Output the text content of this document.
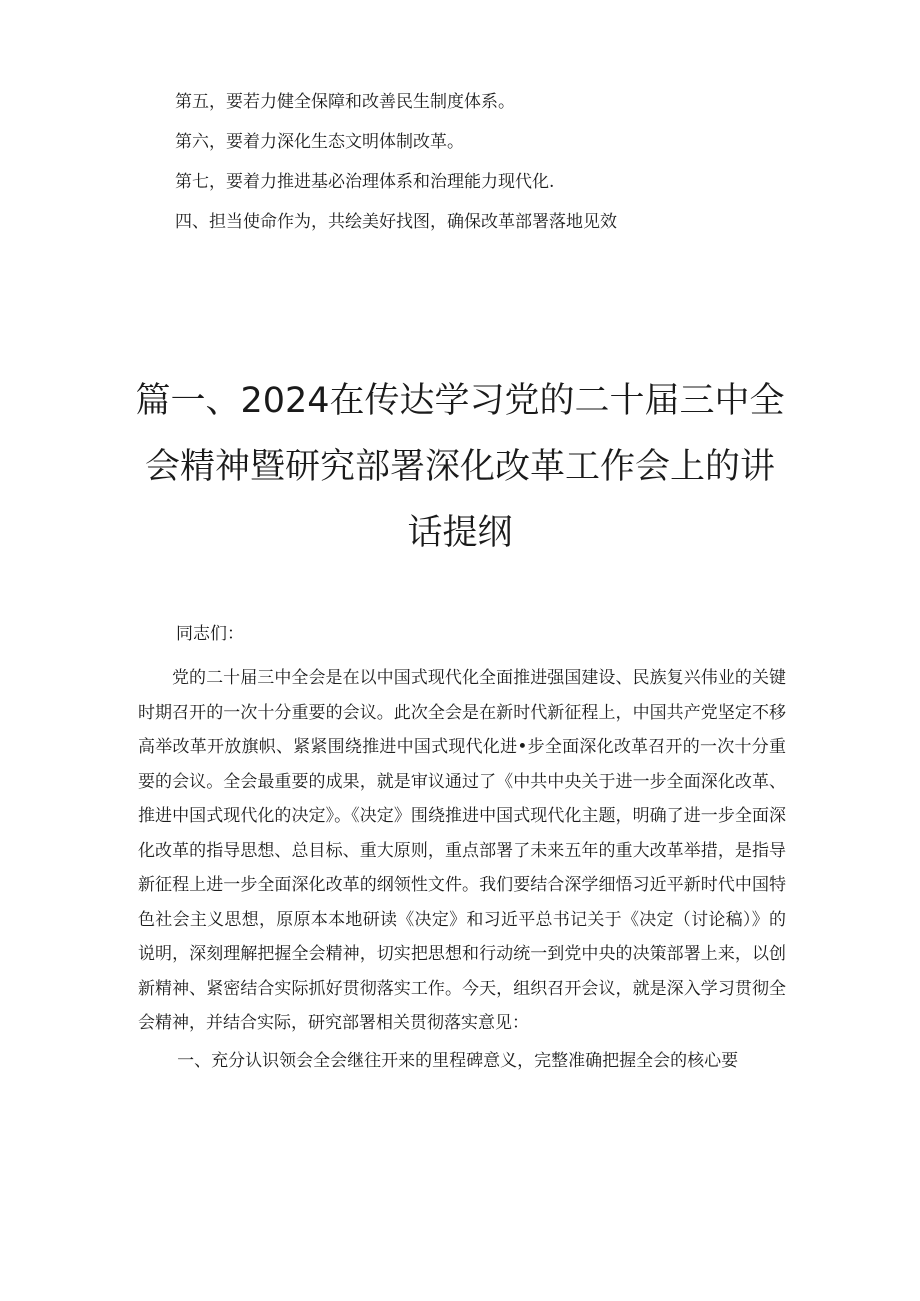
第五，要若力健全保障和改善民生制度体系。

第六，要着力深化生态文明体制改革。

第七，要着力推进基必治理体系和治理能力现代化.

四、担当使命作为，共绘美好找图，确保改革部署落地见效

篇一、2024在传达学习党的二十届三中全
会精神暨研究部署深化改革工作会上的讲
话提纲

同志们：

党的二十届三中全会是在以中国式现代化全面推进强国建设、民族复兴伟业的关键时期召开的一次十分重要的会议。此次全会是在新时代新征程上，中国共产党坚定不移高举改革开放旗帜、紧紧围绕推进中国式现代化进•步全面深化改革召开的一次十分重要的会议。全会最重要的成果，就是审议通过了《中共中央关于进一步全面深化改革、推进中国式现代化的决定》。《决定》围绕推进中国式现代化主题，明确了进一步全面深化改革的指导思想、总目标、重大原则，重点部署了未来五年的重大改革举措，是指导新征程上进一步全面深化改革的纲领性文件。我们要结合深学细悟习近平新时代中国特色社会主义思想，原原本本地研读《决定》和习近平总书记关于《决定（讨论稿）》的说明，深刻理解把握全会精神，切实把思想和行动统一到党中央的决策部署上来，以创新精神、紧密结合实际抓好贯彻落实工作。今天，组织召开会议，就是深入学习贯彻全会精神，并结合实际，研究部署相关贯彻落实意见：

一、充分认识领会全会继往开来的里程碑意义，完整准确把握全会的核心要
